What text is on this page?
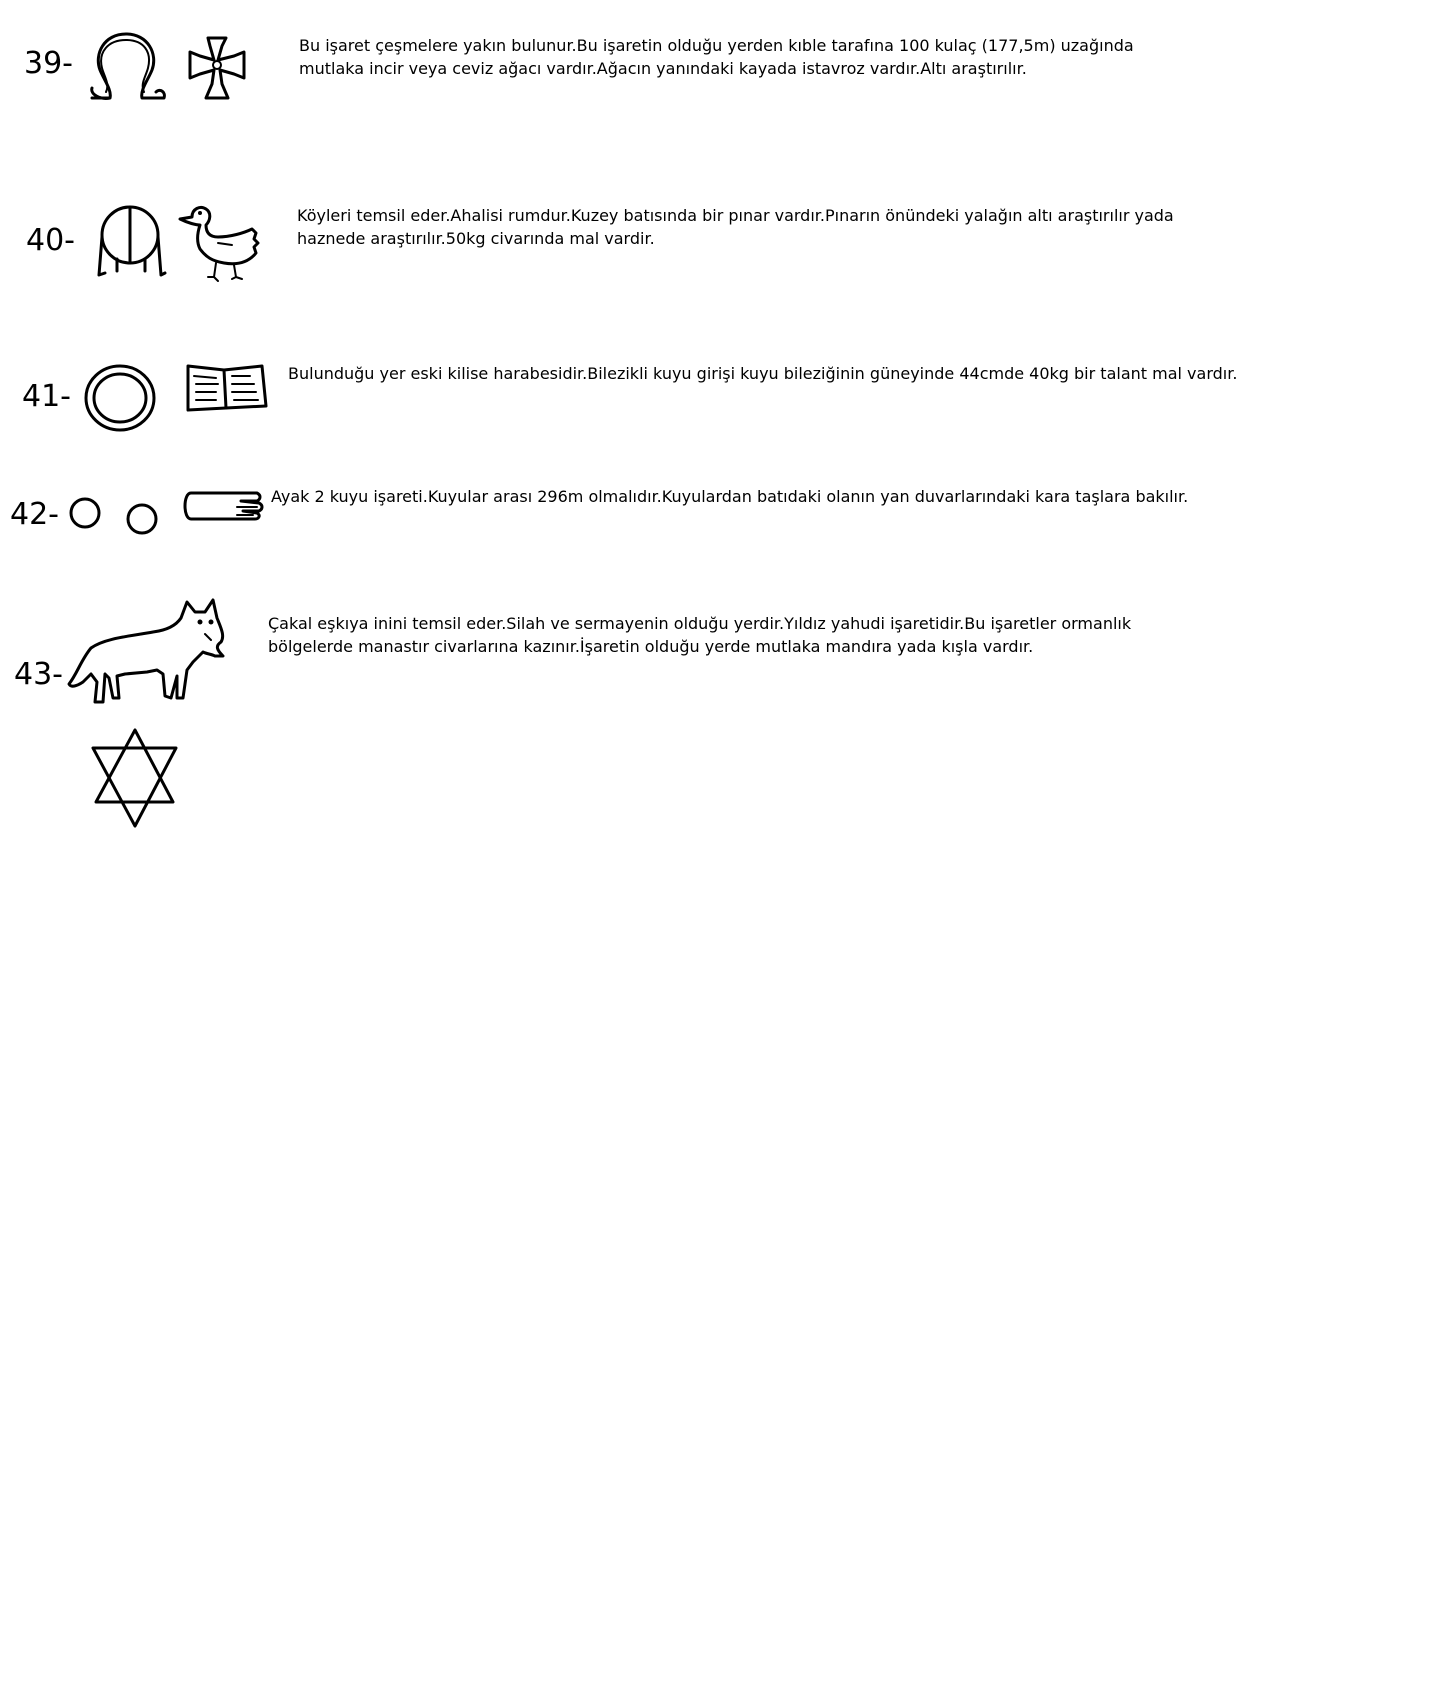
39-
Bu işaret çeşmelere yakın bulunur.Bu işaretin olduğu yerden kıble tarafına 100 kulaç (177,5m) uzağında mutlaka incir veya ceviz ağacı vardır.Ağacın yanındaki kayada istavroz vardır.Altı araştırılır.
40-
Köyleri temsil eder.Ahalisi rumdur.Kuzey batısında bir pınar vardır.Pınarın önündeki yalağın altı araştırılır yada haznede araştırılır.50kg civarında mal vardir.
41-
Bulunduğu yer eski kilise harabesidir.Bilezikli kuyu girişi kuyu bileziğinin güneyinde 44cmde 40kg bir talant mal vardır.
42-
Ayak 2 kuyu işareti.Kuyular arası 296m olmalıdır.Kuyulardan batıdaki olanın yan duvarlarındaki kara taşlara bakılır.
43-
Çakal eşkıya inini temsil eder.Silah ve sermayenin olduğu yerdir.Yıldız yahudi işaretidir.Bu işaretler ormanlık bölgelerde manastır civarlarına kazınır.İşaretin olduğu yerde mutlaka mandıra yada kışla vardır.
